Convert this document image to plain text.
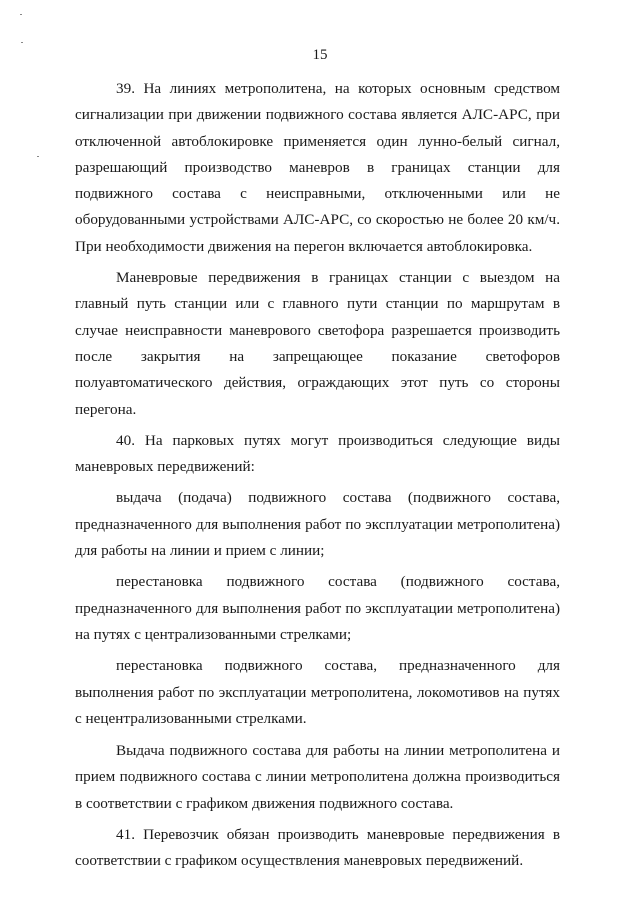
15

39. На линиях метрополитена, на которых основным средством сигнализации при движении подвижного состава является АЛС-АРС, при отключенной автоблокировке применяется один лунно-белый сигнал, разрешающий производство маневров в границах станции для подвижного состава с неисправными, отключенными или не оборудованными устройствами АЛС-АРС, со скоростью не более 20 км/ч. При необходимости движения на перегон включается автоблокировка.

Маневровые передвижения в границах станции с выездом на главный путь станции или с главного пути станции по маршрутам в случае неисправности маневрового светофора разрешается производить после закрытия на запрещающее показание светофоров полуавтоматического действия, ограждающих этот путь со стороны перегона.

40. На парковых путях могут производиться следующие виды маневровых передвижений:

выдача (подача) подвижного состава (подвижного состава, предназначенного для выполнения работ по эксплуатации метрополитена) для работы на линии и прием с линии;

перестановка подвижного состава (подвижного состава, предназначенного для выполнения работ по эксплуатации метрополитена) на путях с централизованными стрелками;

перестановка подвижного состава, предназначенного для выполнения работ по эксплуатации метрополитена, локомотивов на путях с нецентрализованными стрелками.

Выдача подвижного состава для работы на линии метрополитена и прием подвижного состава с линии метрополитена должна производиться в соответствии с графиком движения подвижного состава.

41. Перевозчик обязан производить маневровые передвижения в соответствии с графиком осуществления маневровых передвижений.
